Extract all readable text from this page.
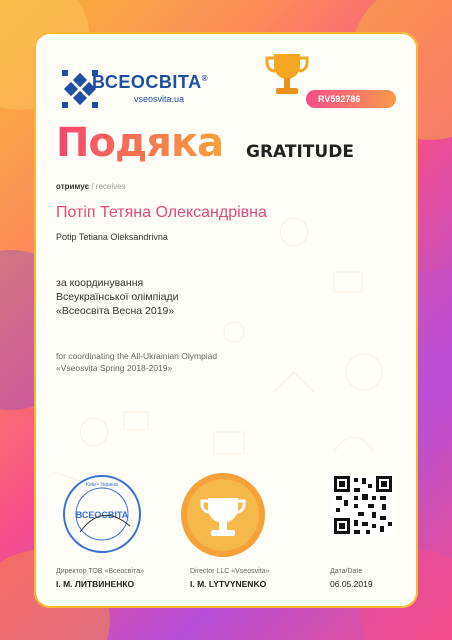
ВСЕОСВІТА®
vseosvita.ua	RV592786
Подяка GRATITUDE
отримує / receives
Потіп Тетяна Олександрівна
Potip Tetiana Oleksandrivna
за координування
Всеукраїнської олімпіади
«Всеосвіта Весна 2019»
for coordinating the All-Ukrainian Olympiad
«Vseosvita Spring 2018-2019»
ВСЕОСВІТА
Київ • Україна
Директор ТОВ «Всеосвіта»
І. М. ЛИТВИНЕНКО
Director LLC «Vseosvita»
I. M. LYTVYNENKO
Дата/Date
06.05.2019
